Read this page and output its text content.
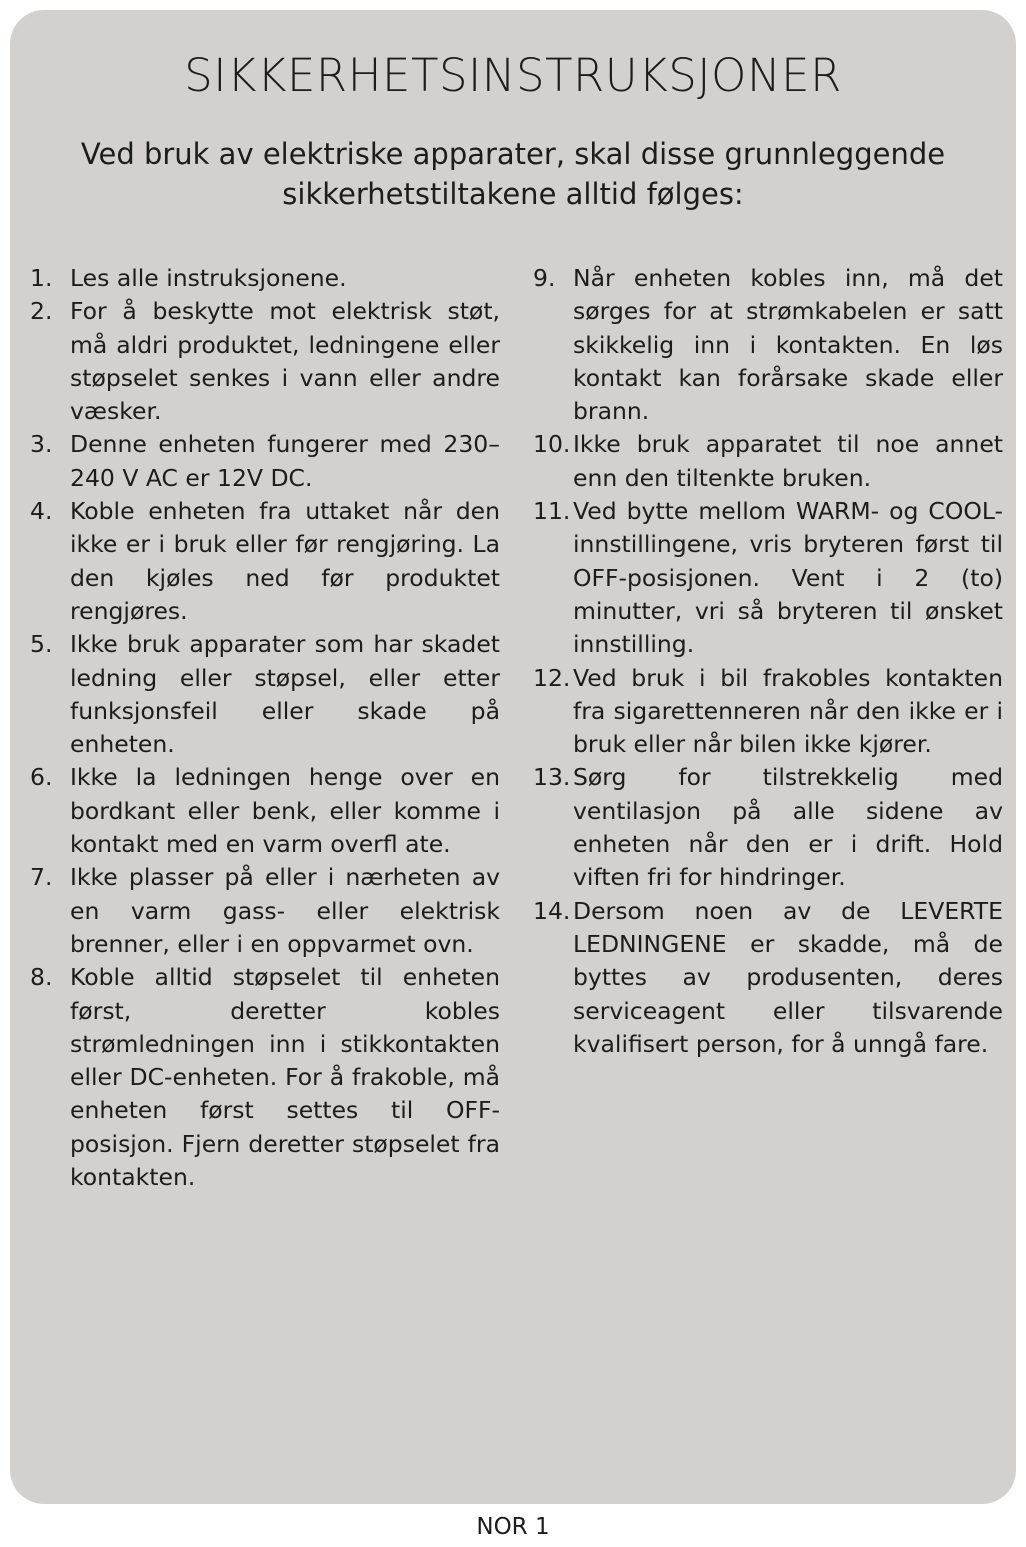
SIKKERHETSINSTRUKSJONER
Ved bruk av elektriske apparater, skal disse grunnleggende sikkerhetstiltakene alltid følges:
1. Les alle instruksjonene.
2. For å beskytte mot elektrisk støt, må aldri produktet, ledningene eller støpselet senkes i vann eller andre væsker.
3. Denne enheten fungerer med 230–240 V AC er 12V DC.
4. Koble enheten fra uttaket når den ikke er i bruk eller før rengjøring. La den kjøles ned før produktet rengjøres.
5. Ikke bruk apparater som har skadet ledning eller støpsel, eller etter funksjonsfeil eller skade på enheten.
6. Ikke la ledningen henge over en bordkant eller benk, eller komme i kontakt med en varm overfl ate.
7. Ikke plasser på eller i nærheten av en varm gass- eller elektrisk brenner, eller i en oppvarmet ovn.
8. Koble alltid støpselet til enheten først, deretter kobles strømledningen inn i stikkontakten eller DC-enheten. For å frakoble, må enheten først settes til OFF-posisjon. Fjern deretter støpselet fra kontakten.
9. Når enheten kobles inn, må det sørges for at strømkabelen er satt skikkelig inn i kontakten. En løs kontakt kan forårsake skade eller brann.
10. Ikke bruk apparatet til noe annet enn den tiltenkte bruken.
11. Ved bytte mellom WARM- og COOL-innstillingene, vris bryteren først til OFF-posisjonen. Vent i 2 (to) minutter, vri så bryteren til ønsket innstilling.
12. Ved bruk i bil frakobles kontakten fra sigarettenneren når den ikke er i bruk eller når bilen ikke kjører.
13. Sørg for tilstrekkelig med ventilasjon på alle sidene av enheten når den er i drift. Hold viften fri for hindringer.
14. Dersom noen av de LEVERTE LEDNINGENE er skadde, må de byttes av produsenten, deres serviceagent eller tilsvarende kvalifisert person, for å unngå fare.
NOR 1
